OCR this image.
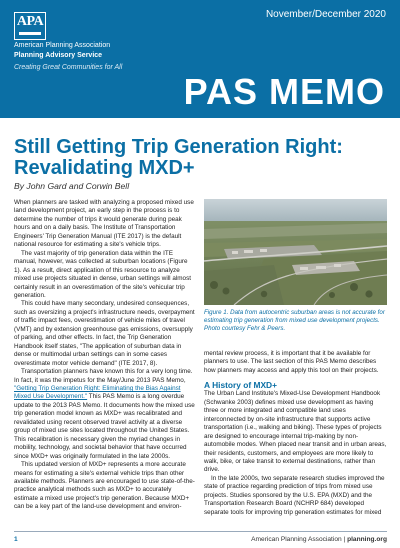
APA	November/December 2020
American Planning Association
Planning Advisory Service
Creating Great Communities for All
PAS MEMO
Still Getting Trip Generation Right:
Revalidating MXD+
By John Gard and Corwin Bell

When planners are tasked with analyzing a proposed mixed use land development project, an early step in the process is to determine the number of trips it would generate during peak hours and on a daily basis. The Institute of Transportation Engineers' Trip Generation Manual (ITE 2017) is the default national resource for estimating a site's vehicle trips.

The vast majority of trip generation data within the ITE manual, however, was collected at suburban locations (Figure 1). As a result, direct application of this resource to analyze mixed use projects situated in dense, urban settings will almost certainly result in an overestimation of the site's vehicular trip generation.

This could have many secondary, undesired consequences, such as oversizing a project's infrastructure needs, overpayment of traffic impact fees, overestimation of vehicle miles of travel (VMT) and by extension greenhouse gas emissions, oversupply of parking, and other effects. In fact, the Trip Generation Handbook itself states, "The application of suburban data in dense or multimodal urban settings can in some cases overestimate motor vehicle demand" (ITE 2017, 8).

Transportation planners have known this for a very long time. In fact, it was the impetus for the May/June 2013 PAS Memo, "Getting Trip Generation Right: Eliminating the Bias Against Mixed Use Development." This PAS Memo is a long overdue update to the 2013 PAS Memo. It documents how the mixed use trip generation model known as MXD+ was recalibrated and revalidated using recent observed travel activity at a diverse group of mixed use sites located throughout the United States. This recalibration is necessary given the myriad changes in mobility, technology, and societal behavior that have occurred since MXD+ was originally formulated in the late 2000s.

This updated version of MXD+ represents a more accurate means for estimating a site's external vehicle trips than other available methods. Planners are encouraged to use state-of-the-practice analytical methods such as MXD+ to accurately estimate a mixed use project's trip generation. Because MXD+ can be a key part of the land-use development and environ-

Figure 1. Data from autocentric suburban areas is not accurate for estimating trip generation from mixed use development projects. Photo courtesy Fehr & Peers.

mental review process, it is important that it be available for planners to use. The last section of this PAS Memo describes how planners may access and apply this tool on their projects.

A History of MXD+

The Urban Land Institute's Mixed-Use Development Handbook (Schwanke 2003) defines mixed use development as having three or more integrated and compatible land uses interconnected by on-site infrastructure that supports active transportation (i.e., walking and biking). These types of projects are designed to encourage internal trip-making by non-automobile modes. When placed near transit and in urban areas, their residents, customers, and employees are more likely to walk, bike, or take transit to external destinations, rather than drive.

In the late 2000s, two separate research studies improved the state of practice regarding prediction of trips from mixed use projects. Studies sponsored by the U.S. EPA (MXD) and the Transportation Research Board (NCHRP 684) developed separate tools for improving trip generation estimates for mixed

1	American Planning Association | planning.org
